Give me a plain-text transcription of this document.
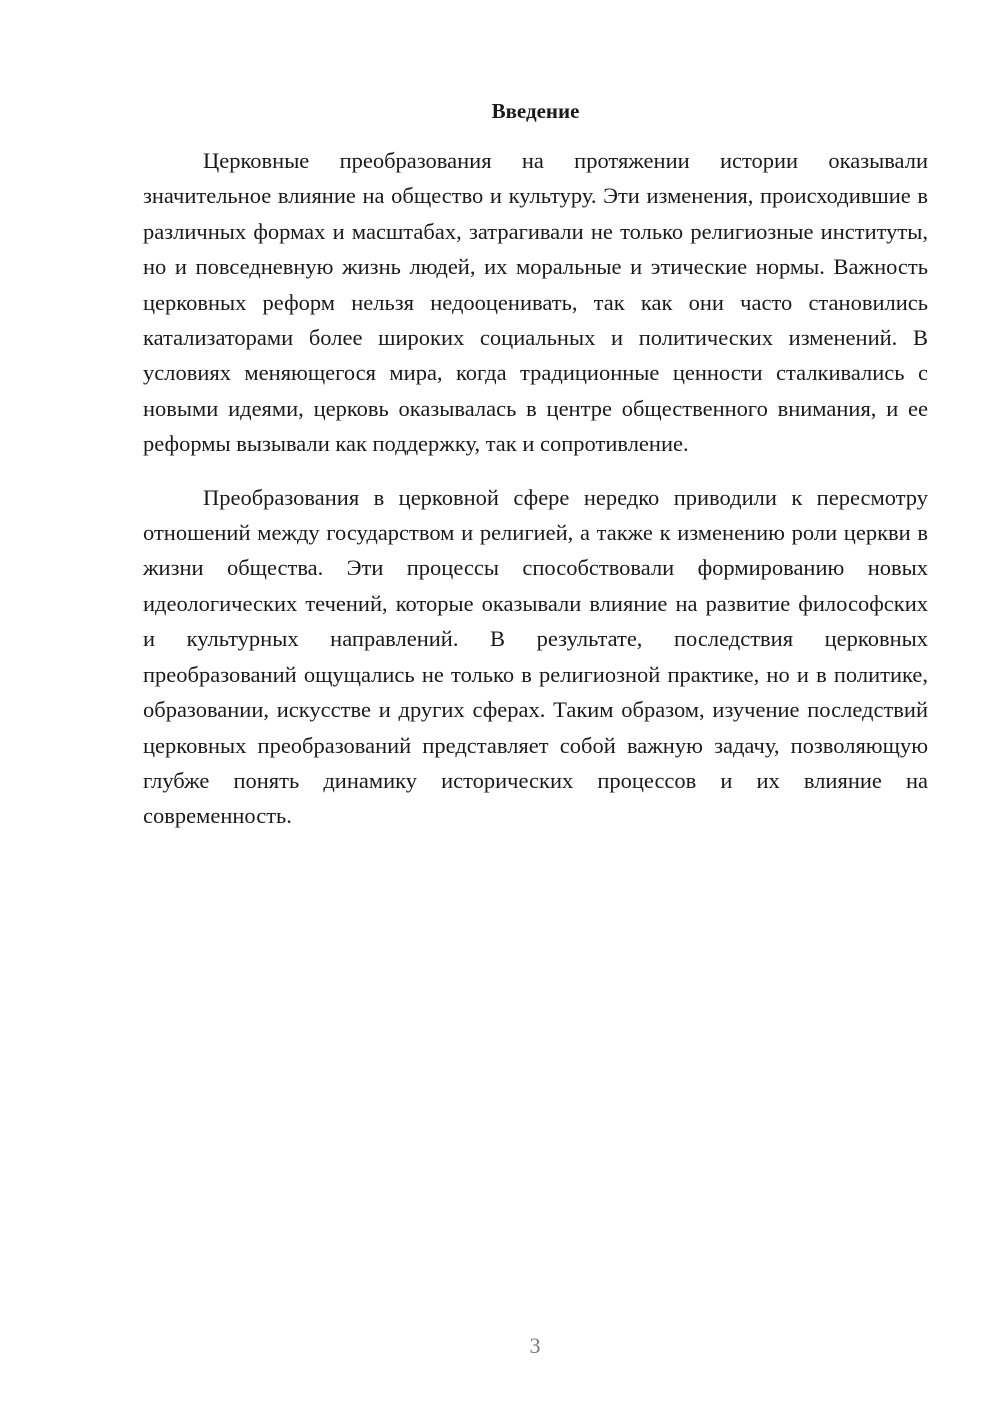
Введение

Церковные преобразования на протяжении истории оказывали значительное влияние на общество и культуру. Эти изменения, происходившие в различных формах и масштабах, затрагивали не только религиозные институты, но и повседневную жизнь людей, их моральные и этические нормы. Важность церковных реформ нельзя недооценивать, так как они часто становились катализаторами более широких социальных и политических изменений. В условиях меняющегося мира, когда традиционные ценности сталкивались с новыми идеями, церковь оказывалась в центре общественного внимания, и ее реформы вызывали как поддержку, так и сопротивление.

Преобразования в церковной сфере нередко приводили к пересмотру отношений между государством и религией, а также к изменению роли церкви в жизни общества. Эти процессы способствовали формированию новых идеологических течений, которые оказывали влияние на развитие философских и культурных направлений. В результате, последствия церковных преобразований ощущались не только в религиозной практике, но и в политике, образовании, искусстве и других сферах. Таким образом, изучение последствий церковных преобразований представляет собой важную задачу, позволяющую глубже понять динамику исторических процессов и их влияние на современность.

3
